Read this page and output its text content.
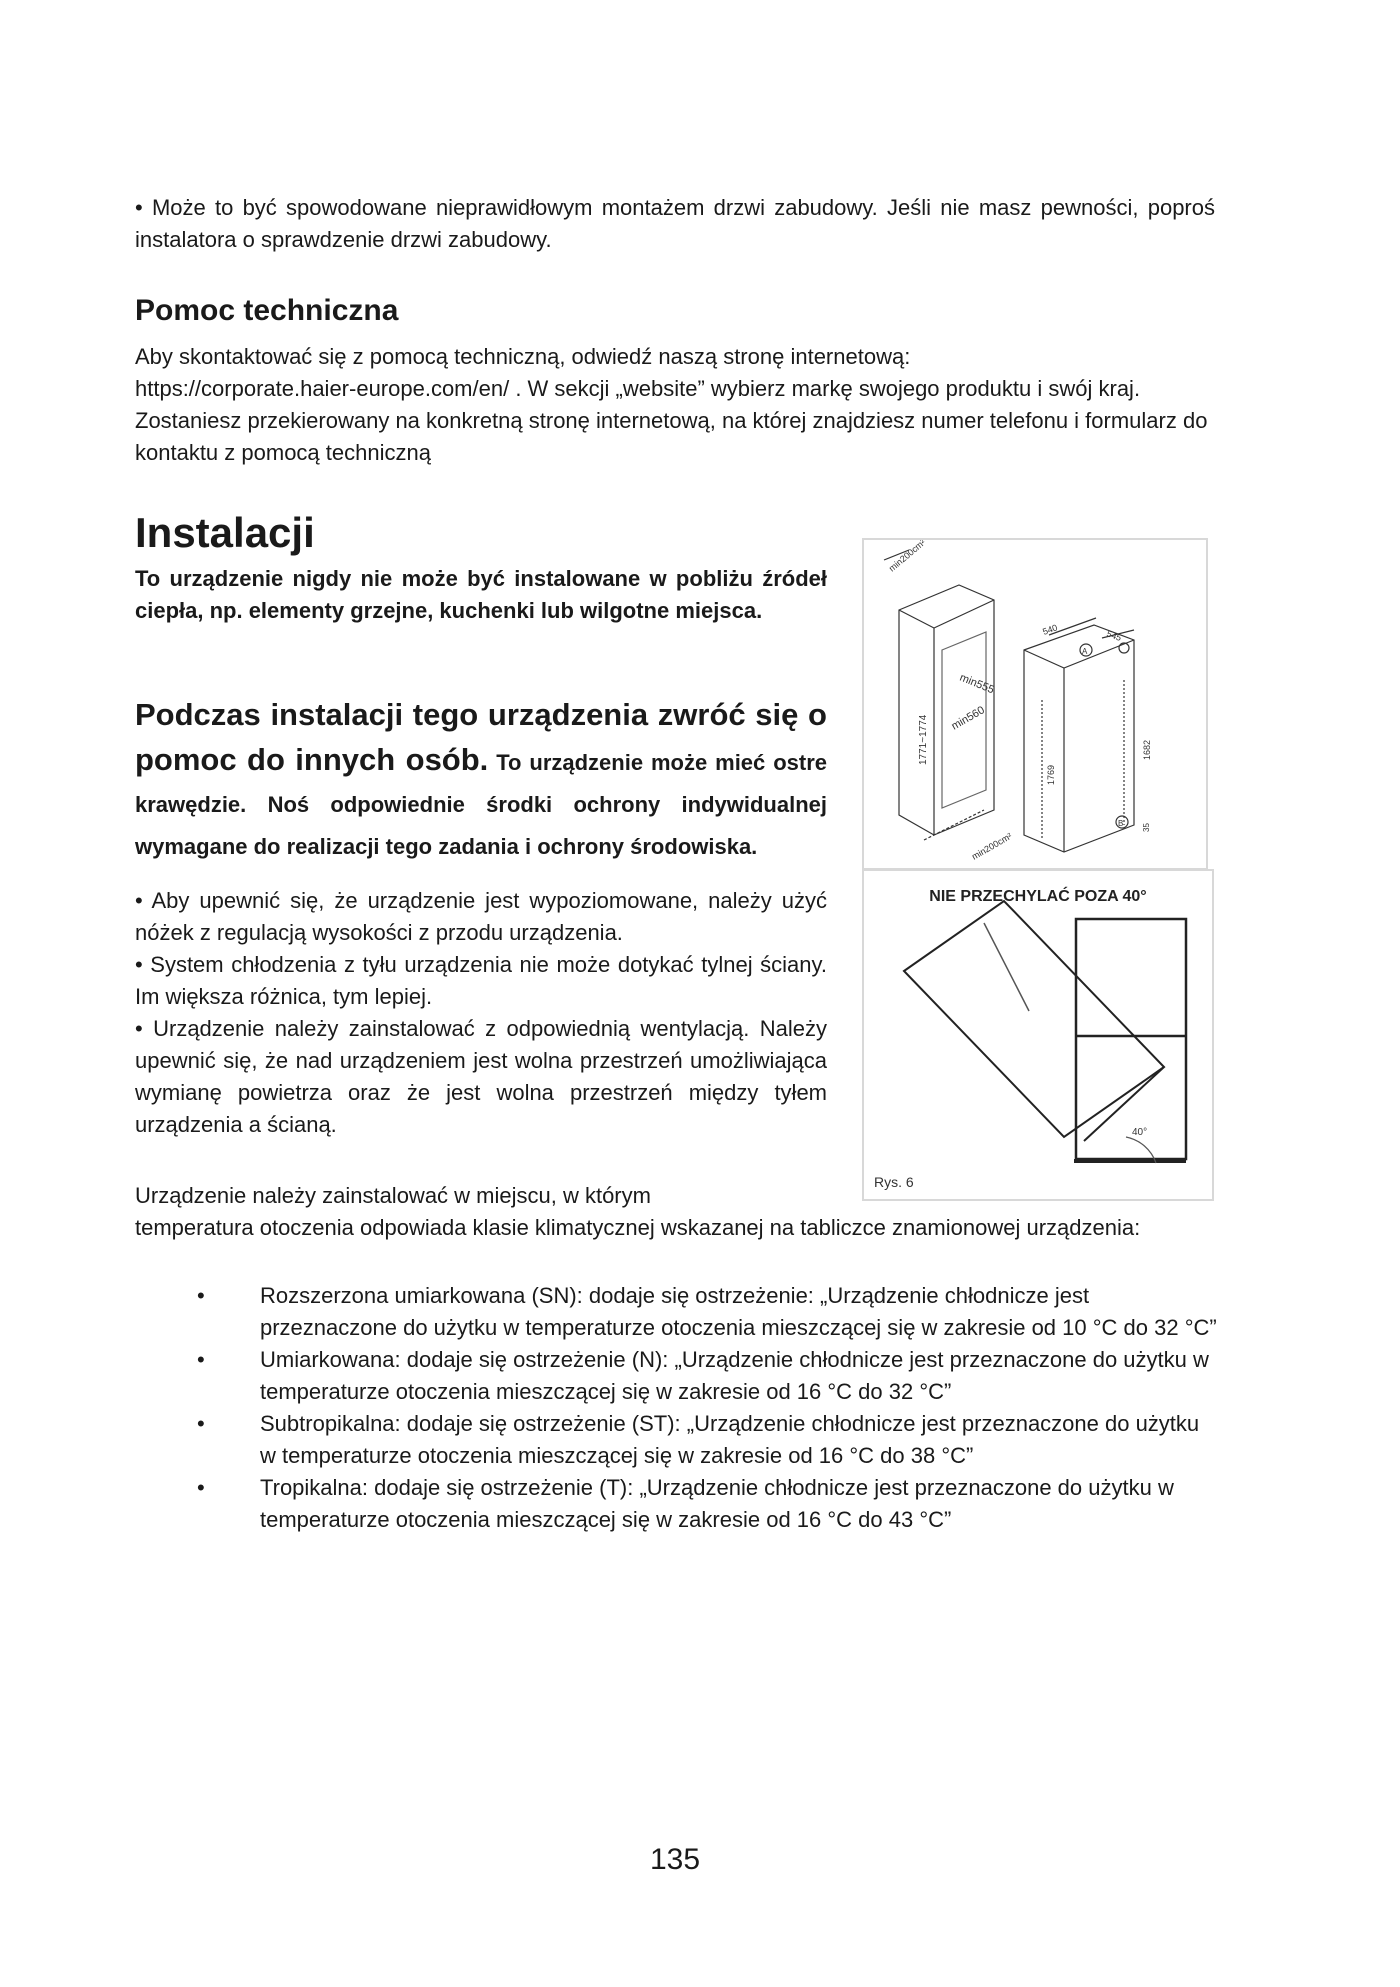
• Może to być spowodowane nieprawidłowym montażem drzwi zabudowy. Jeśli nie masz pewności, poproś instalatora o sprawdzenie drzwi zabudowy.

Pomoc techniczna

Aby skontaktować się z pomocą techniczną, odwiedź naszą stronę internetową:

https://corporate.haier-europe.com/en/ . W sekcji „website” wybierz markę swojego produktu i swój kraj. Zostaniesz przekierowany na konkretną stronę internetową, na której znajdziesz numer telefonu i formularz do kontaktu z pomocą techniczną

Instalacji

To urządzenie nigdy nie może być instalowane w pobliżu źródeł ciepła, np. elementy grzejne, kuchenki lub wilgotne miejsca.

Podczas instalacji tego urządzenia zwróć się o pomoc do innych osób. To urządzenie może mieć ostre krawędzie. Noś odpowiednie środki ochrony indywidualnej wymagane do realizacji tego zadania i ochrony środowiska.

• Aby upewnić się, że urządzenie jest wypoziomowane, należy użyć nóżek z regulacją wysokości z przodu urządzenia.

• System chłodzenia z tyłu urządzenia nie może dotykać tylnej ściany. Im większa różnica, tym lepiej.

• Urządzenie należy zainstalować z odpowiednią wentylacją. Należy upewnić się, że nad urządzeniem jest wolna przestrzeń umożliwiająca wymianę powietrza oraz że jest wolna przestrzeń między tyłem urządzenia a ścianą.

Urządzenie należy zainstalować w miejscu, w którym

temperatura otoczenia odpowiada klasie klimatycznej wskazanej na tabliczce znamionowej urządzenia:

•	Rozszerzona umiarkowana (SN): dodaje się ostrzeżenie: „Urządzenie chłodnicze jest przeznaczone do użytku w temperaturze otoczenia mieszczącej się w zakresie od 10 °C do 32 °C”
•	Umiarkowana: dodaje się ostrzeżenie (N): „Urządzenie chłodnicze jest przeznaczone do użytku w temperaturze otoczenia mieszczącej się w zakresie od 16 °C do 32 °C”
•	Subtropikalna: dodaje się ostrzeżenie (ST): „Urządzenie chłodnicze jest przeznaczone do użytku w temperaturze otoczenia mieszczącej się w zakresie od 16 °C do 38 °C”
•	Tropikalna: dodaje się ostrzeżenie (T): „Urządzenie chłodnicze jest przeznaczone do użytku w temperaturze otoczenia mieszczącej się w zakresie od 16 °C do 43 °C”
min200cm²
min555
min560
1771~1774
540	545
1769
1682
35
A
B
min200cm²
NIE PRZECHYLAĆ POZA 40°
40°
Rys. 6
135
